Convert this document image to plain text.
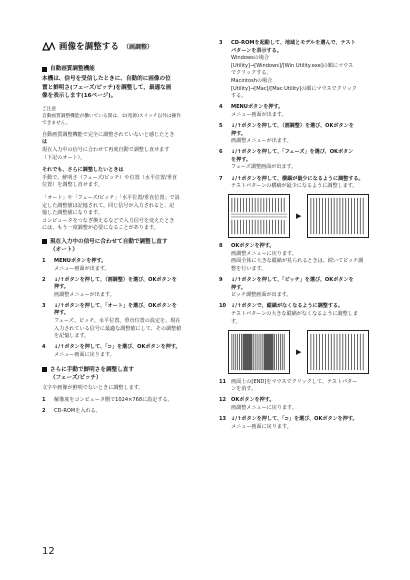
画像を調整する （画調整）
自動画質調整機能
本機は、信号を受信したときに、自動的に画像の位
置と鮮明さ(フェーズ/ピッチ)を調整して、最適な画
像を表示します(16ページ)。
ご注意
自動画質調整機能が働いている間は、①(電源)スイッチ以外は操作
できません。
自動画質調整機能で完全に調整されていないと感じたとき
は
現在入力中の信号に合わせて再度自動で調整し直せます
（下記のオート）。
それでも、さらに調整したいときは
手動で、鮮明さ（フェーズ/ピッチ）や位置（水平位置/垂直
位置）を調整し直せます。
「オート」や「フェーズ/ピッチ」「水平位置/垂直位置」で設
定した調整値は記憶されて、同じ信号が入力されると、記
憶した調整値になります。
コンピュータをつなぎ換えるなどで入力信号を変えたとき
には、もう一度調整が必要になることがあります。
現在入力中の信号に合わせて自動で調整し直す
（オート）
1	MENUボタンを押す。
メニュー画面が出ます。
2	↓/↑ボタンを押して、（画調整）を選び、OKボタンを
押す。
画調整メニューが出ます。
3	↓/↑ボタンを押して、「オート」を選び、OKボタンを
押す。
フェーズ、ピッチ、水平位置、垂直位置の設定を、現在
入力されている信号に最適な調整値にして、その調整値
を記憶します。
4	↓/↑ボタンを押して、「⊃」を選び、OKボタンを押す。
メニュー画面に戻ります。
さらに手動で鮮明さを調整し直す
（フェーズ/ピッチ）
文字や画像が鮮明でないときに調整します。
1	解像度をコンピュータ側で1024×768に設定する。
2	CD-ROMを入れる。
3	CD-ROMを起動して、地域とモデルを選んで、テスト
パターンを表示する。
Windowsの場合
[Utility]→[Windows]/[Win Utility.exe]の順にマウス
でクリックする。
Macintoshの場合
[Utility]→[Mac]/[Mac Utility]の順にマウスでクリック
する。
4	MENUボタンを押す。
メニュー画面が出ます。
5	↓/↑ボタンを押して、（画調整）を選び、OKボタンを
押す。
画調整メニューが出ます。
6	↓/↑ボタンを押して、「フェーズ」を選び、OKボタン
を押す。
フェーズ調整画面が出ます。
7	↓/↑ボタンを押して、横縞が最少になるように調整する。
テストパターンの横縞が最少になるように調整します。
▶
8	OKボタンを押す。
画調整メニューに戻ります。
画面全体に大きな縦縞が見られるときは、続いてピッチ調
整を行います。
9	↓/↑ボタンを押して、「ピッチ」を選び、OKボタンを
押す。
ピッチ調整画面が出ます。
10 ↓/↑ボタンで、縦縞がなくなるように調整する。
テストパターンの大きな縦縞がなくなるように調整しま
す。
▶
11 画面上の[END]をマウスでクリックして、テストパター
ンを消す。
12 OKボタンを押す。
画調整メニューに戻ります。
13 ↓/↑ボタンを押して、「⊃」を選び、OKボタンを押す。
メニュー画面に戻ります。
12
